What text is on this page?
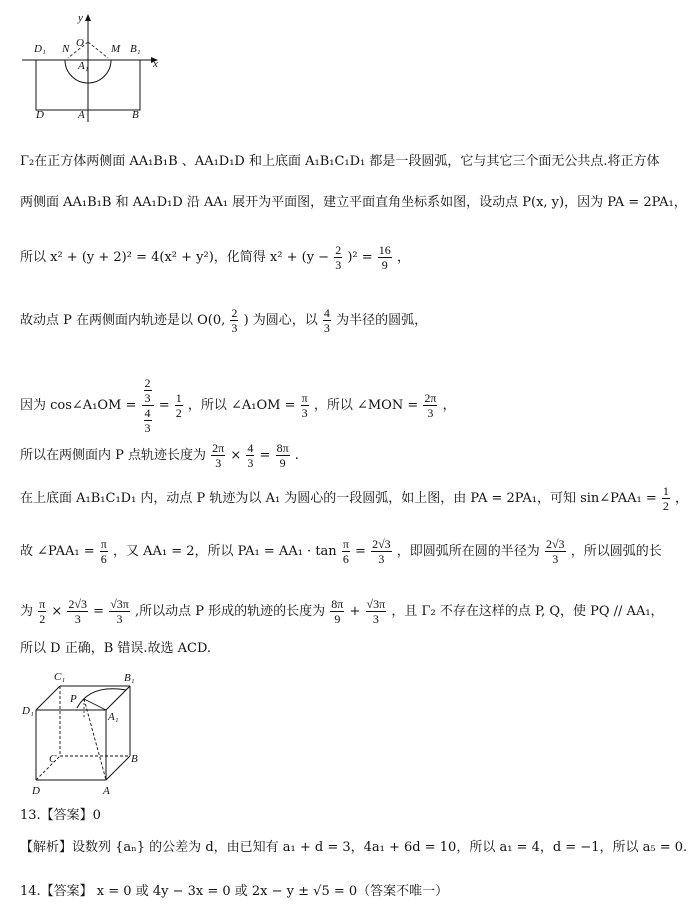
y
D₁ N O M B₁
A₁	x
D	A	B
Γ₂在正方体两侧面 AA₁B₁B 、AA₁D₁D 和上底面 A₁B₁C₁D₁ 都是一段圆弧，它与其它三个面无公共点.将正方体
两侧面 AA₁B₁B 和 AA₁D₁D 沿 AA₁ 展开为平面图，建立平面直角坐标系如图，设动点 P(x, y)，因为 PA = 2PA₁，
所以 x² + (y + 2)² = 4(x² + y²)，化简得 $x^2 + (y - \frac{2}{3} )^2 = \frac{16}{9}$ ，
故动点 P 在两侧面内轨迹是以 O(0, $\frac{2}{3}$ ) 为圆心，以 $\frac{4}{3}$ 为半径的圆弧，
因为 cos∠A₁OM = $\frac{\frac{2}{3}}{\frac{4}{3}} = \frac{1}{2}$ ，所以 ∠A₁OM = $\frac{\pi}{3}$ ，所以 ∠MON = $\frac{2\pi}{3}$ ，
所以在两侧面内 P 点轨迹长度为 $\frac{2\pi}{3} \times \frac{4}{3} = \frac{8\pi}{9}$ .
在上底面 A₁B₁C₁D₁ 内，动点 P 轨迹为以 A₁ 为圆心的一段圆弧，如上图，由 PA = 2PA₁，可知 sin∠PAA₁ = $\frac{1}{2}$ ，
故 ∠PAA₁ = $\frac{\pi}{6}$ ，又 AA₁ = 2，所以 $PA_1 = AA_1 \cdot \tan \frac{\pi}{6} = \frac{2√3}{3}$ ，即圆弧所在圆的半径为 $\frac{2√3}{3}$ ，所以圆弧的长
为 $\frac{\pi}{2} \times \frac{2√3}{3} = \frac{√3\pi}{3}$ ,所以动点 P 形成的轨迹的长度为 $\frac{8\pi}{9} + \frac{√3\pi}{3}$ ，且 Γ₂ 不存在这样的点 P, Q，使 PQ // AA₁，
所以 D 正确，B 错误.故选 ACD.
C₁	B₁
D₁
P
A₁
C	B
D	A
13.【答案】0
【解析】设数列 {aₙ} 的公差为 d，由已知有 a₁ + d = 3，4a₁ + 6d = 10，所以 a₁ = 4，d = −1，所以 a₅ = 0.
14.【答案】 x = 0 或 4y − 3x = 0 或 2x − y ± √5 = 0（答案不唯一）
